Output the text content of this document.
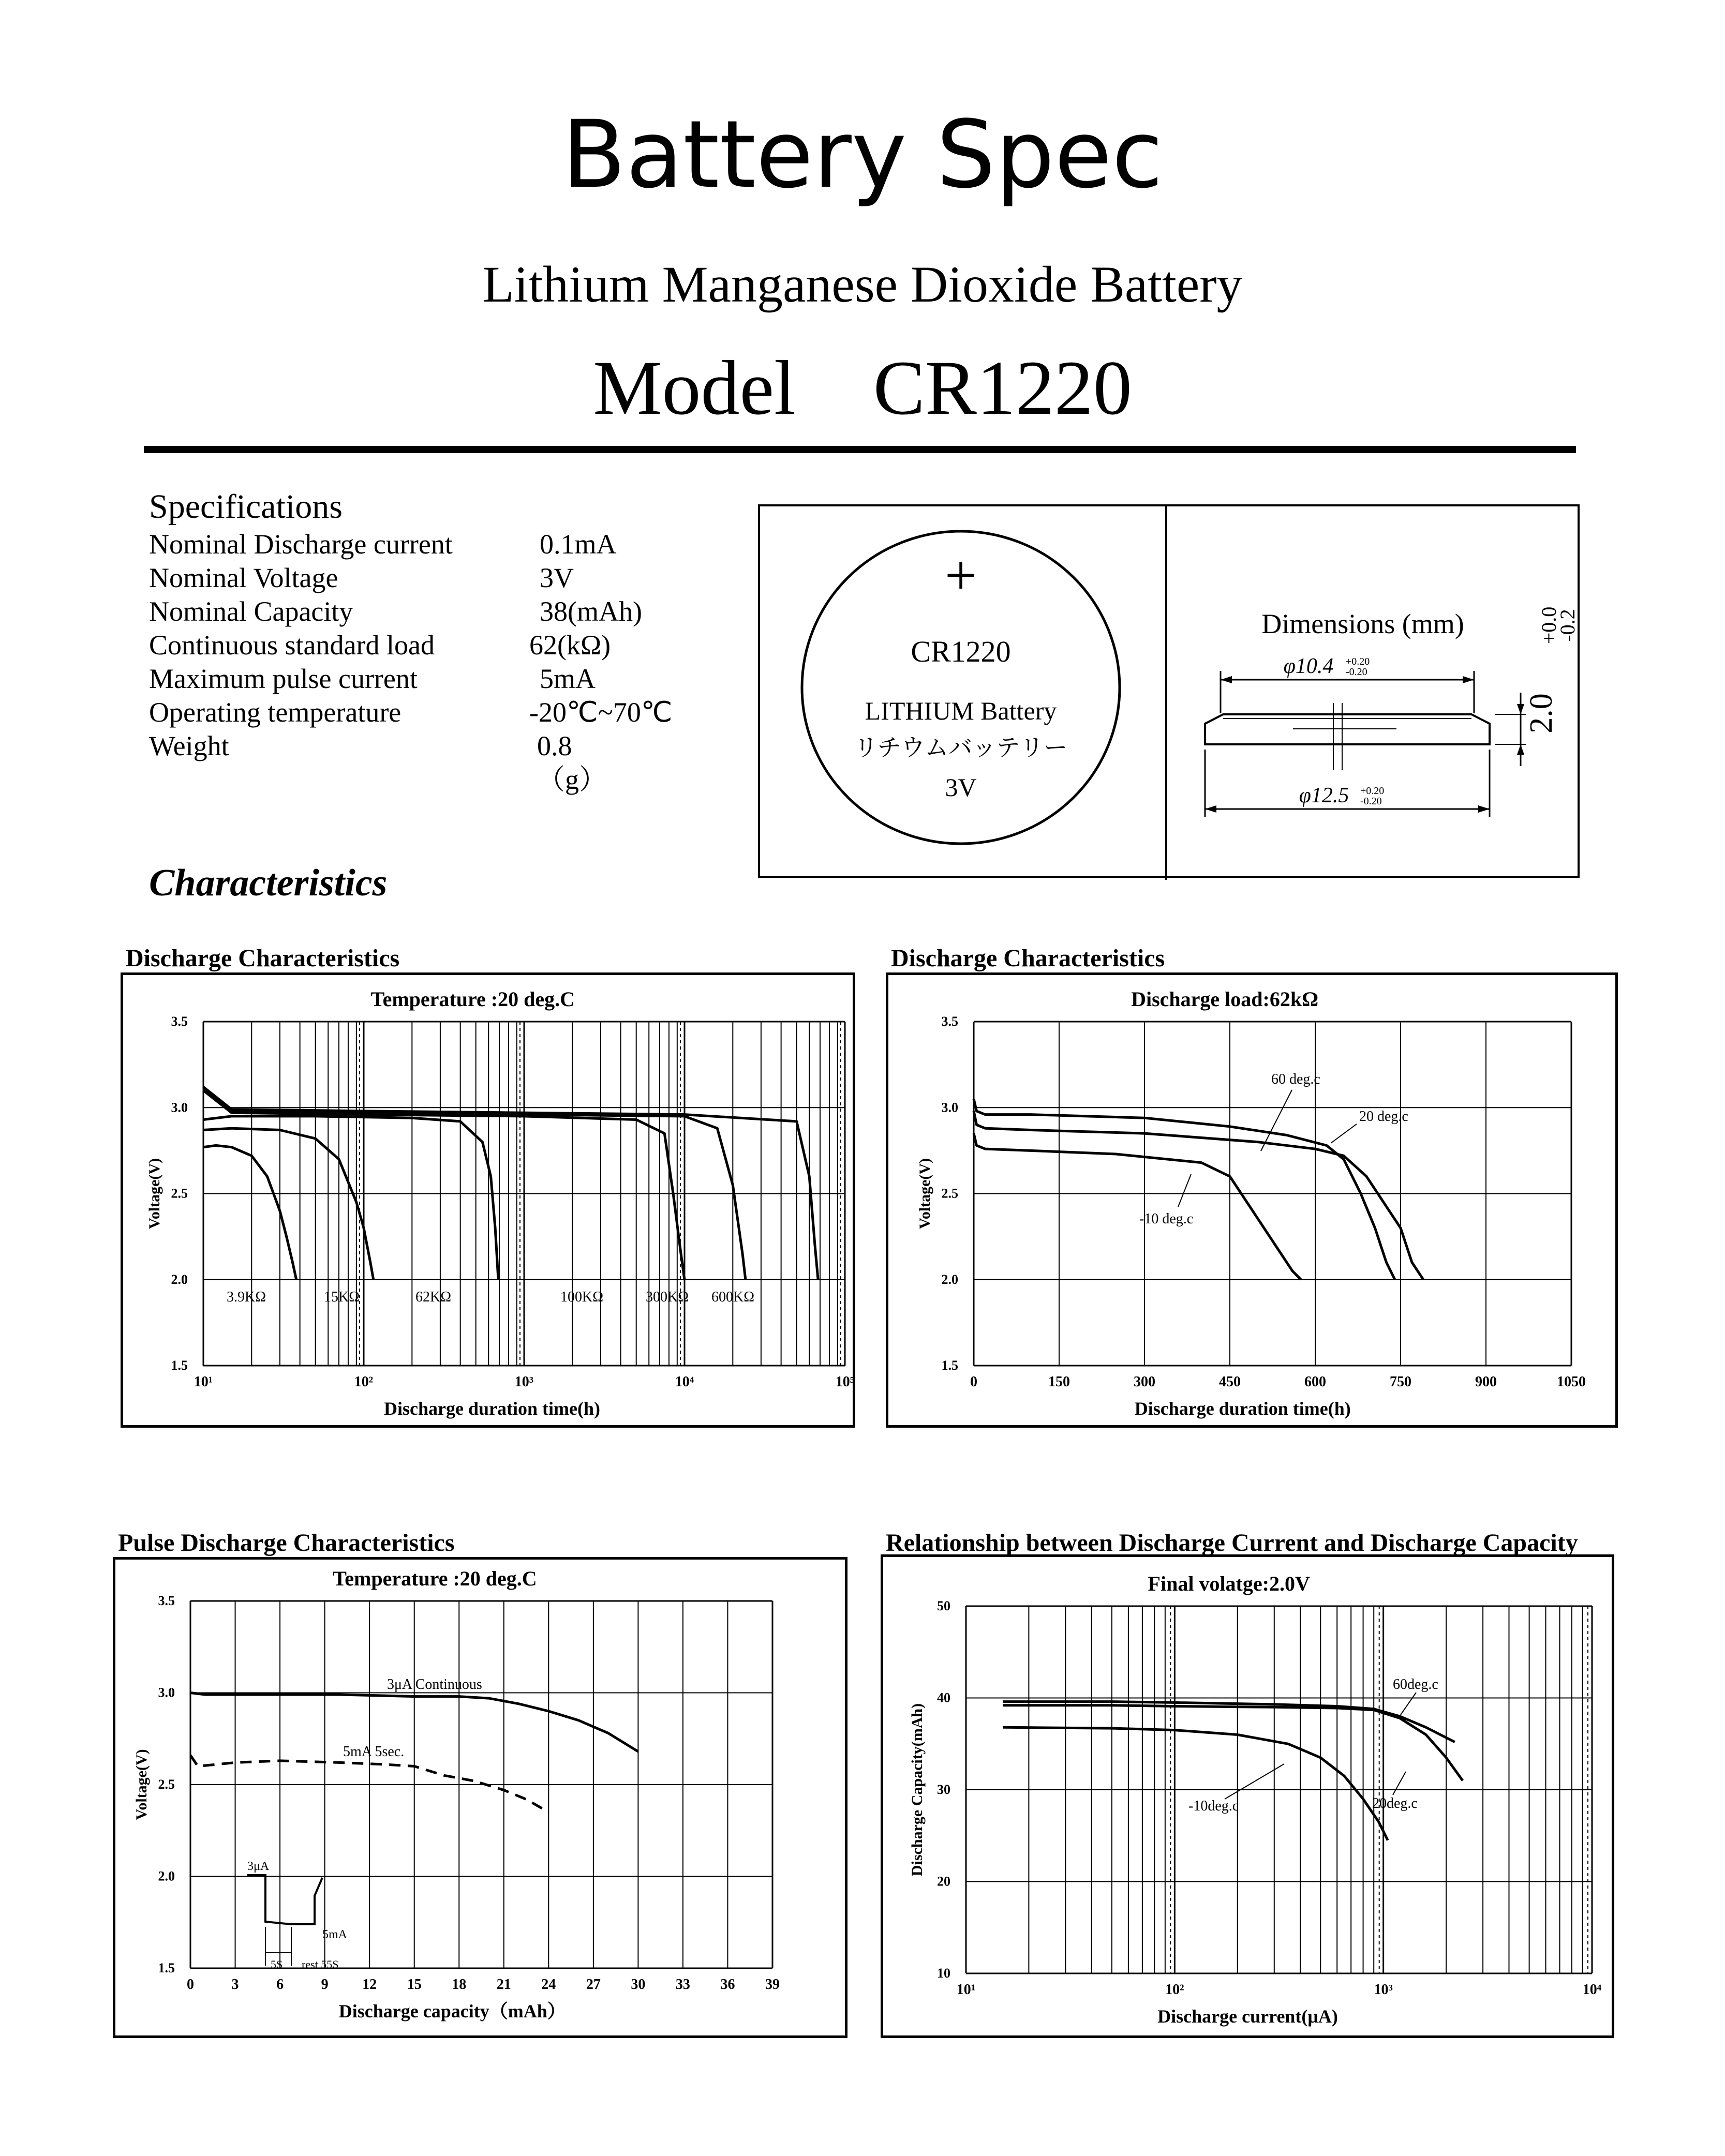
Battery Spec
Lithium Manganese Dioxide Battery
Model　CR1220
Specifications
Nominal Discharge current	0.1mA
Nominal Voltage	3V
Nominal Capacity	38(mAh)
Continuous standard load	62(kΩ)
Maximum pulse current	5mA
Operating temperature	-20℃~70℃
Weight	0.8（g）
Characteristics
+
CR1220
LITHIUM Battery
リチウムバッテリー
3V
Dimensions (mm)
φ10.4 +0.20
-0.20
φ12.5 +0.20
-0.20
2.0
+0.0
-0.2
Discharge Characteristics
Temperature :20 deg.C
3.5
3.0
2.5
2.0
1.5
10¹	10²	10³	10⁴	10⁵
Discharge duration time(h)
Voltage(V)
3.9KΩ	15KΩ	62KΩ	100KΩ	300KΩ 600KΩ
Discharge Characteristics
Discharge load:62kΩ
3.5
3.0
2.5
2.0
1.5
0	150	300	450	600	750	900	1050
Discharge duration time(h)
Voltage(V)
60 deg.c
20 deg.c
-10 deg.c
Pulse Discharge Characteristics
Temperature :20 deg.C
3.5
3.0
2.5
2.0
1.5
0	3	6	9 12 15 18 21 24 27 30 33 36 39
Discharge capacity（mAh）
Voltage(V)
3μA Continuous
5mA 5sec.
3μA
5mA
5S rest 55S
Relationship between Discharge Current and Discharge Capacity
Final volatge:2.0V
50
40
30
20
10
10¹	10²	10³	10⁴
Discharge current(μA)
Discharge Capacity(mAh)
60deg.c
20deg.c
-10deg.c
